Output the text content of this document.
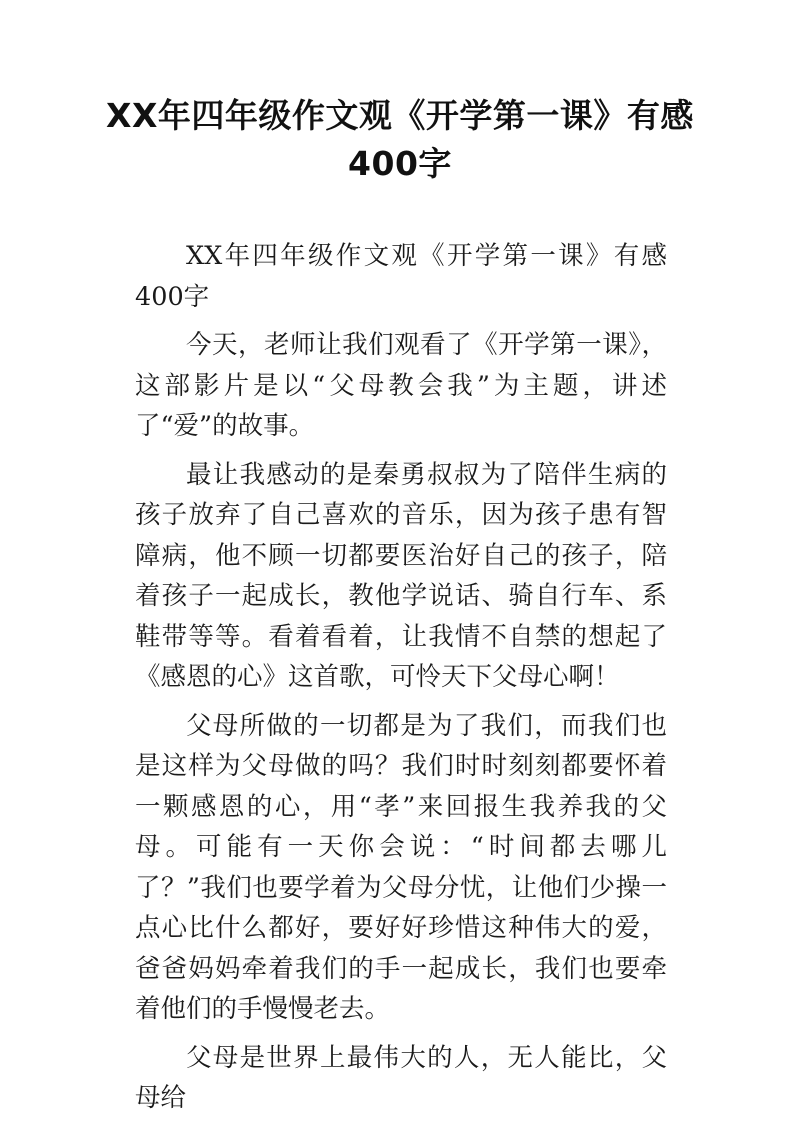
XX年四年级作文观《开学第一课》有感400字

XX年四年级作文观《开学第一课》有感400字

今天，老师让我们观看了《开学第一课》，这部影片是以“父母教会我”为主题，讲述了“爱”的故事。

最让我感动的是秦勇叔叔为了陪伴生病的孩子放弃了自己喜欢的音乐，因为孩子患有智障病，他不顾一切都要医治好自己的孩子，陪着孩子一起成长，教他学说话、骑自行车、系鞋带等等。看着看着，让我情不自禁的想起了《感恩的心》这首歌，可怜天下父母心啊！

父母所做的一切都是为了我们，而我们也是这样为父母做的吗？我们时时刻刻都要怀着一颗感恩的心，用“孝”来回报生我养我的父母。可能有一天你会说：“时间都去哪儿了？”我们也要学着为父母分忧，让他们少操一点心比什么都好，要好好珍惜这种伟大的爱，爸爸妈妈牵着我们的手一起成长，我们也要牵着他们的手慢慢老去。

父母是世界上最伟大的人，无人能比，父母给
